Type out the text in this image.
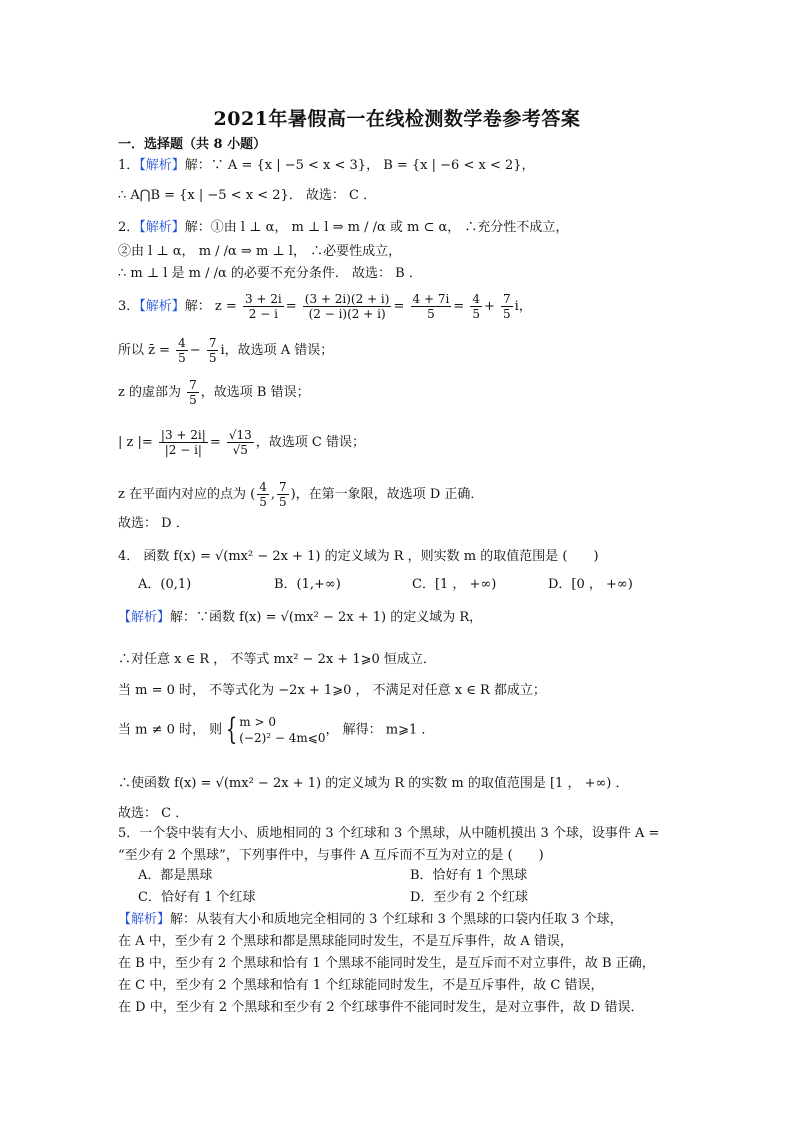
2021年暑假高一在线检测数学卷参考答案
一．选择题（共 8 小题）
1．【解析】解：∵ A = {x | −5 < x < 3}， B = {x | −6 < x < 2}，
∴ A⋂B = {x | −5 < x < 2}． 故选： C ．
2．【解析】解：①由 l ⊥ α， m ⊥ l ⇒ m / /α 或 m ⊂ α， ∴充分性不成立，
②由 l ⊥ α， m / /α ⇒ m ⊥ l， ∴必要性成立，
∴ m ⊥ l 是 m / /α 的必要不充分条件． 故选： B ．
3．【解析】解： $z = \frac{3 + 2i}{2 - i} = \frac{(3 + 2i)(2 + i)}{(2 - i)(2 + i)} = \frac{4 + 7i}{5} = \frac{4}{5} + \frac{7}{5}$ i，
所以 z̄ = $\frac{4}{5} - \frac{7}{5}$ i，故选项 A 错误；
z 的虚部为 $\frac{7}{5}$ ，故选项 B 错误；
| z |= $\frac{|3 + 2i|}{|2 - i|} = \frac{√13}{√5}$ ，故选项 C 错误；
z 在平面内对应的点为 ( $\frac{4}{5}$ , $\frac{7}{5}$ )，在第一象限，故选项 D 正确．
故选： D ．
4． 函数 f(x) = √(mx² − 2x + 1) 的定义域为 R ，则实数 m 的取值范围是 (　　)
A．(0,1)	B．(1,+∞)	C．[1 ， +∞)	D．[0 ， +∞)
【解析】解：∵函数 f(x) = √(mx² − 2x + 1) 的定义域为 R，
∴对任意 x ∈ R ， 不等式 mx² − 2x + 1⩾0 恒成立．
当 m = 0 时， 不等式化为 −2x + 1⩾0 ， 不满足对任意 x ∈ R 都成立；
当 m ≠ 0 时， 则 { m > 0
(−2)² − 4m⩽0
， 解得： m⩾1 ．
∴使函数 f(x) = √(mx² − 2x + 1) 的定义域为 R 的实数 m 的取值范围是 [1 ， +∞) ．
故选： C ．
5．一个袋中装有大小、质地相同的 3 个红球和 3 个黑球，从中随机摸出 3 个球，设事件 A =
“至少有 2 个黑球”，下列事件中，与事件 A 互斥而不互为对立的是 (　　)
A．都是黑球	B．恰好有 1 个黑球
C．恰好有 1 个红球	D．至少有 2 个红球
【解析】解：从装有大小和质地完全相同的 3 个红球和 3 个黑球的口袋内任取 3 个球，
在 A 中，至少有 2 个黑球和都是黑球能同时发生，不是互斥事件，故 A 错误，
在 B 中，至少有 2 个黑球和恰有 1 个黑球不能同时发生，是互斥而不对立事件，故 B 正确，
在 C 中，至少有 2 个黑球和恰有 1 个红球能同时发生，不是互斥事件，故 C 错误，
在 D 中，至少有 2 个黑球和至少有 2 个红球事件不能同时发生，是对立事件，故 D 错误．
